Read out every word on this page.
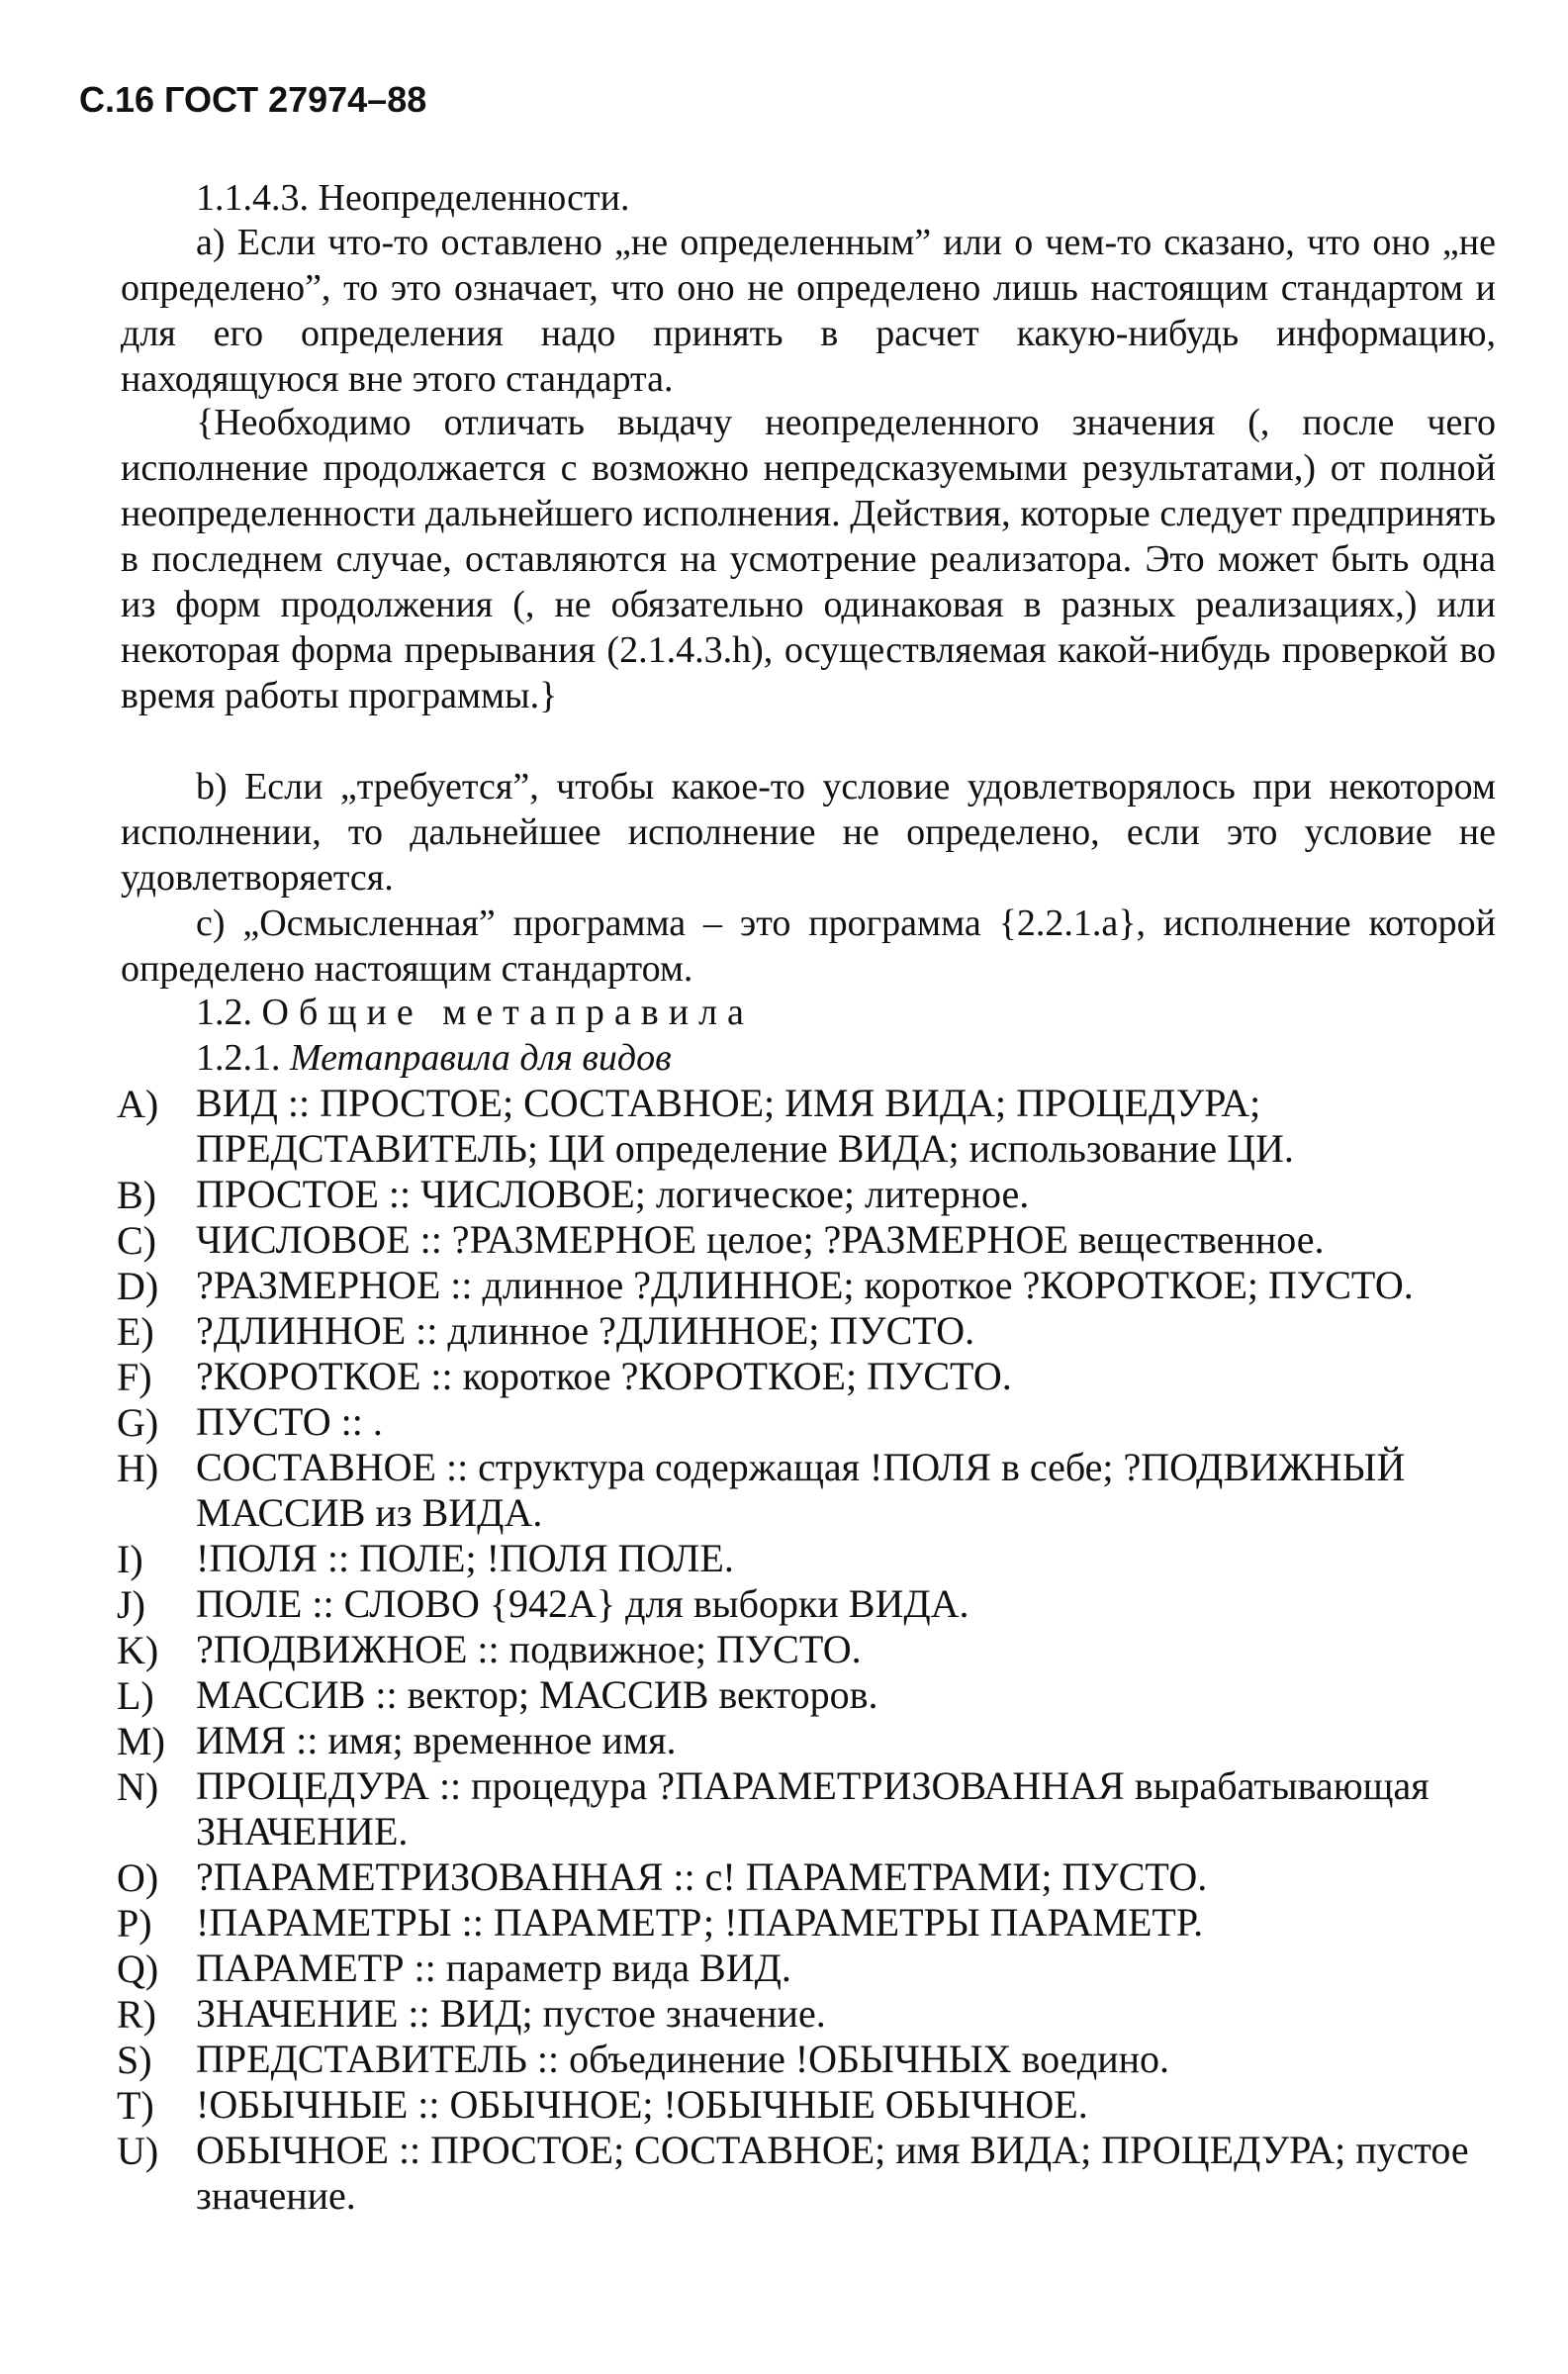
С.16 ГОСТ 27974–88
1.1.4.3. Неопределенности.
а) Если что-то оставлено „не определенным” или о чем-то сказано, что оно „не определено”, то это означает, что оно не определено лишь настоящим стандартом и для его определения надо принять в расчет какую-нибудь информацию, находящуюся вне этого стандарта.
{Необходимо отличать выдачу неопределенного значения (, после чего исполнение продолжается с возможно непредсказуемыми результатами,) от полной неопределенности дальнейшего исполнения. Действия, которые следует предпринять в последнем случае, оставляются на усмотрение реализатора. Это может быть одна из форм продолжения (, не обязательно одинаковая в разных реализациях,) или некоторая форма прерывания (2.1.4.3.h), осуществляемая какой-нибудь проверкой во время работы программы.}
b) Если „требуется”, чтобы какое-то условие удовлетворялось при некотором исполнении, то дальнейшее исполнение не определено, если это условие не удовлетворяется.
c) „Осмысленная” программа – это программа {2.2.1.a}, исполнение которой определено настоящим стандартом.
1.2. Общие метаправила
1.2.1. Метаправила для видов
A) ВИД :: ПРОСТОЕ; СОСТАВНОЕ; ИМЯ ВИДА; ПРОЦЕДУРА; ПРЕДСТАВИТЕЛЬ; ЦИ определение ВИДА; использование ЦИ.
B)	ПРОСТОЕ :: ЧИСЛОВОЕ; логическое; литерное.
C)	ЧИСЛОВОЕ :: ?РАЗМЕРНОЕ целое; ?РАЗМЕРНОЕ вещественное.
D) ?РАЗМЕРНОЕ :: длинное ?ДЛИННОЕ; короткое ?КОРОТКОЕ; ПУСТО.
E)	?ДЛИННОЕ :: длинное ?ДЛИННОЕ; ПУСТО.
F)	?КОРОТКОЕ :: короткое ?КОРОТКОЕ; ПУСТО.
G) ПУСТО :: .
H) СОСТАВНОЕ :: структура содержащая !ПОЛЯ в себе; ?ПОДВИЖНЫЙ МАССИВ из ВИДА.
I)	!ПОЛЯ :: ПОЛЕ; !ПОЛЯ ПОЛЕ.
J)	ПОЛЕ :: СЛОВО {942A} для выборки ВИДА.
K) ?ПОДВИЖНОЕ :: подвижное; ПУСТО.
L)	МАССИВ :: вектор; МАССИВ векторов.
M) ИМЯ :: имя; временное имя.
N) ПРОЦЕДУРА :: процедура ?ПАРАМЕТРИЗОВАННАЯ вырабатывающая ЗНАЧЕНИЕ.
O) ?ПАРАМЕТРИЗОВАННАЯ :: с! ПАРАМЕТРАМИ; ПУСТО.
P)	!ПАРАМЕТРЫ :: ПАРАМЕТР; !ПАРАМЕТРЫ ПАРАМЕТР.
Q) ПАРАМЕТР :: параметр вида ВИД.
R)	ЗНАЧЕНИЕ :: ВИД; пустое значение.
S)	ПРЕДСТАВИТЕЛЬ :: объединение !ОБЫЧНЫХ воедино.
T)	!ОБЫЧНЫЕ :: ОБЫЧНОЕ; !ОБЫЧНЫЕ ОБЫЧНОЕ.
U) ОБЫЧНОЕ :: ПРОСТОЕ; СОСТАВНОЕ; имя ВИДА; ПРОЦЕДУРА; пустое значение.
